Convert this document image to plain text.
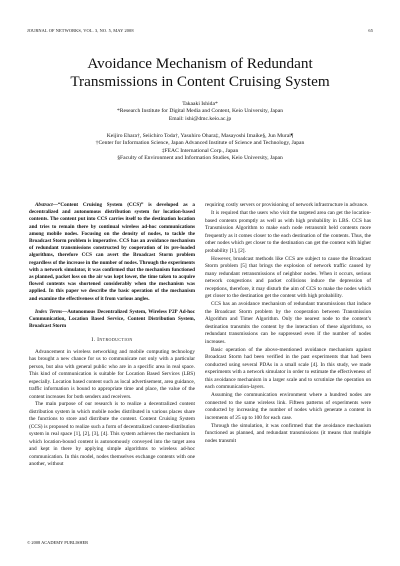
JOURNAL OF NETWORKS, VOL. 3, NO. 5, MAY 2008	65
Avoidance Mechanism of Redundant
Transmissions in Content Cruising System

Takaaki Ishida*

*Research Institute for Digital Media and Content, Keio University, Japan

Email: ishi@dmc.keio.ac.jp

Keijiro Ehara†, Seiichiro Toda†, Yasuhiro Ohara‡, Masayoshi Imaike§, Jun Murai¶

†Center for Information Science, Japan Advanced Institute of Science and Technology, Japan

‡FEAC International Corp., Japan

§Faculty of Environment and Information Studies, Keio University, Japan

Abstract—“Content Cruising System (CCS)” is developed as a decentralized and autonomous distribution system for location-based contents. The content put into CCS carries itself to the destination location and tries to remain there by continual wireless ad-hoc communications among mobile nodes. Focusing on the density of nodes, to tackle the Broadcast Storm problem is imperative. CCS has an avoidance mechanism of redundant transmissions constructed by cooperation of its pre-loaded algorithms, therefore CCS can avert the Broadcast Storm problem regardless of the increase in the number of nodes. Through the experiments with a network simulator, it was confirmed that the mechanism functioned as planned, packet loss on the air was kept lower, the time taken to acquire flowed contents was shortened considerably when the mechanism was applied. In this paper we describe the basic operation of the mechanism and examine the effectiveness of it from various angles.

Index Terms—Autonomous Decentralized System, Wireless P2P Ad-hoc Communication, Location Based Service, Content Distribution System, Broadcast Storm

I. Introduction

Advancement in wireless networking and mobile computing technology has brought a new chance for us to communicate not only with a particular person, but also with general public who are in a specific area in real space. This kind of communication is suitable for Location Based Services (LBS) especially. Location based content such as local advertisement, area guidance, traffic information is bound to appropriate time and place, the value of the content increases for both senders and receivers.

The main purpose of our research is to realize a decentralized content distribution system in which mobile nodes distributed in various places share the functions to store and distribute the content. Content Cruising System (CCS) is proposed to realize such a form of decentralized content-distribution system in real space [1], [2], [3], [4]. This system achieves the mechanism in which location-bound content is autonomously conveyed into the target area and kept in there by applying simple algorithms to wireless ad-hoc communication. In this model, nodes themselves exchange contents with one another, without

requiring costly servers or provisioning of network infrastructure in advance.

It is required that the users who visit the targeted area can get the location-based contents promptly as well as with high probability in LBS. CCS has Transmission Algorithm to make each node retransmit held contents more frequently as it comes closer to the each destination of the contents. Thus, the other nodes which get closer to the destination can get the content with higher probability [1], [2].

However, broadcast methods like CCS are subject to cause the Broadcast Storm problem [5] that brings the explosion of network traffic caused by many redundant retransmissions of neighbor nodes. When it occurs, serious network congestions and packet collisions induce the depression of receptions, therefore, it may disturb the aim of CCS to make the nodes which get closer to the destination get the content with high probability.

CCS has an avoidance mechanism of redundant transmissions that induce the Broadcast Storm problem by the cooperation between Transmission Algorithm and Timer Algorithm. Only the nearest node to the content’s destination transmits the content by the interaction of these algorithms, so redundant transmissions can be suppressed even if the number of nodes increases.

Basic operation of the above-mentioned avoidance mechanism against Broadcast Storm had been verified in the past experiments that had been conducted using several PDAs in a small scale [4]. In this study, we made experiments with a network simulator in order to estimate the effectiveness of this avoidance mechanism in a larger scale and to scrutinize the operation on each communication-layers.

Assuming the communication environment where a hundred nodes are connected to the same wireless link. Fifteen patterns of experiments were conducted by increasing the number of nodes which generate a content in increments of 25 up to 100 for each case.

Through the simulation, it was confirmed that the avoidance mechanism functioned as planned, and redundant transmissions (it means that multiple nodes transmit

© 2008 ACADEMY PUBLISHER
